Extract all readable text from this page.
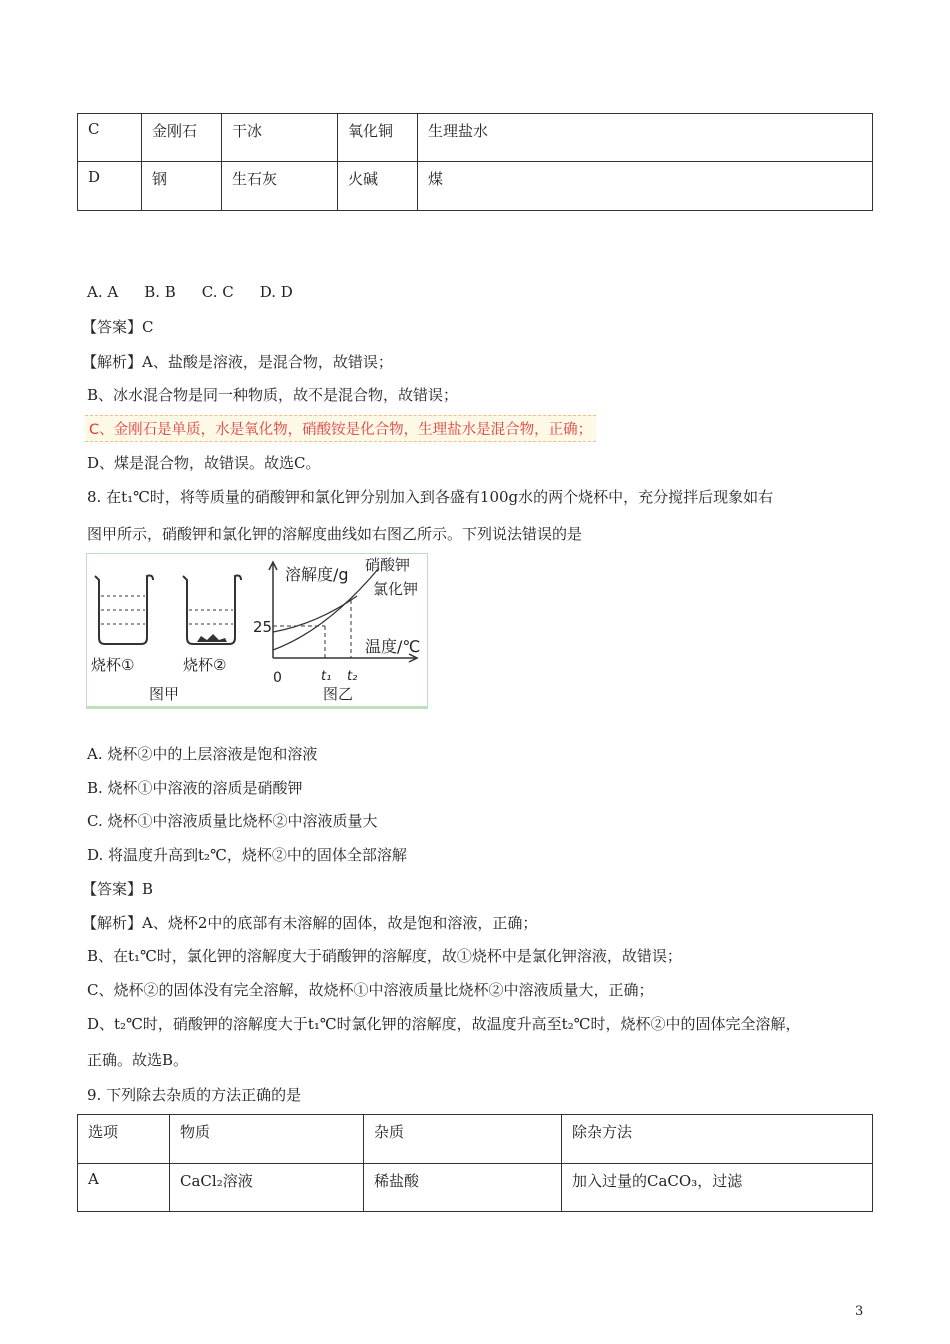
C	金刚石	干冰	氧化铜	生理盐水
D	钢	生石灰	火碱	煤
A. A B. B C. C D. D
【答案】C
【解析】A、盐酸是溶液，是混合物，故错误；
B、冰水混合物是同一种物质，故不是混合物，故错误；
C、金刚石是单质，水是氧化物，硝酸铵是化合物，生理盐水是混合物，正确；
D、煤是混合物，故错误。故选C。
8. 在t₁℃时，将等质量的硝酸钾和氯化钾分别加入到各盛有100g水的两个烧杯中，充分搅拌后现象如右
图甲所示，硝酸钾和氯化钾的溶解度曲线如右图乙所示。下列说法错误的是
烧杯①	烧杯②
图甲
溶解度/g 硝酸钾
氯化钾
25
温度/℃
0	t₁ t₂
图乙
A. 烧杯②中的上层溶液是饱和溶液
B. 烧杯①中溶液的溶质是硝酸钾
C. 烧杯①中溶液质量比烧杯②中溶液质量大
D. 将温度升高到t₂℃，烧杯②中的固体全部溶解
【答案】B
【解析】A、烧杯2中的底部有未溶解的固体，故是饱和溶液，正确；
B、在t₁℃时，氯化钾的溶解度大于硝酸钾的溶解度，故①烧杯中是氯化钾溶液，故错误；
C、烧杯②的固体没有完全溶解，故烧杯①中溶液质量比烧杯②中溶液质量大，正确；
D、t₂℃时，硝酸钾的溶解度大于t₁℃时氯化钾的溶解度，故温度升高至t₂℃时，烧杯②中的固体完全溶解，
正确。故选B。
9. 下列除去杂质的方法正确的是
选项	物质	杂质	除杂方法
A	CaCl₂溶液	稀盐酸	加入过量的CaCO₃，过滤
3
